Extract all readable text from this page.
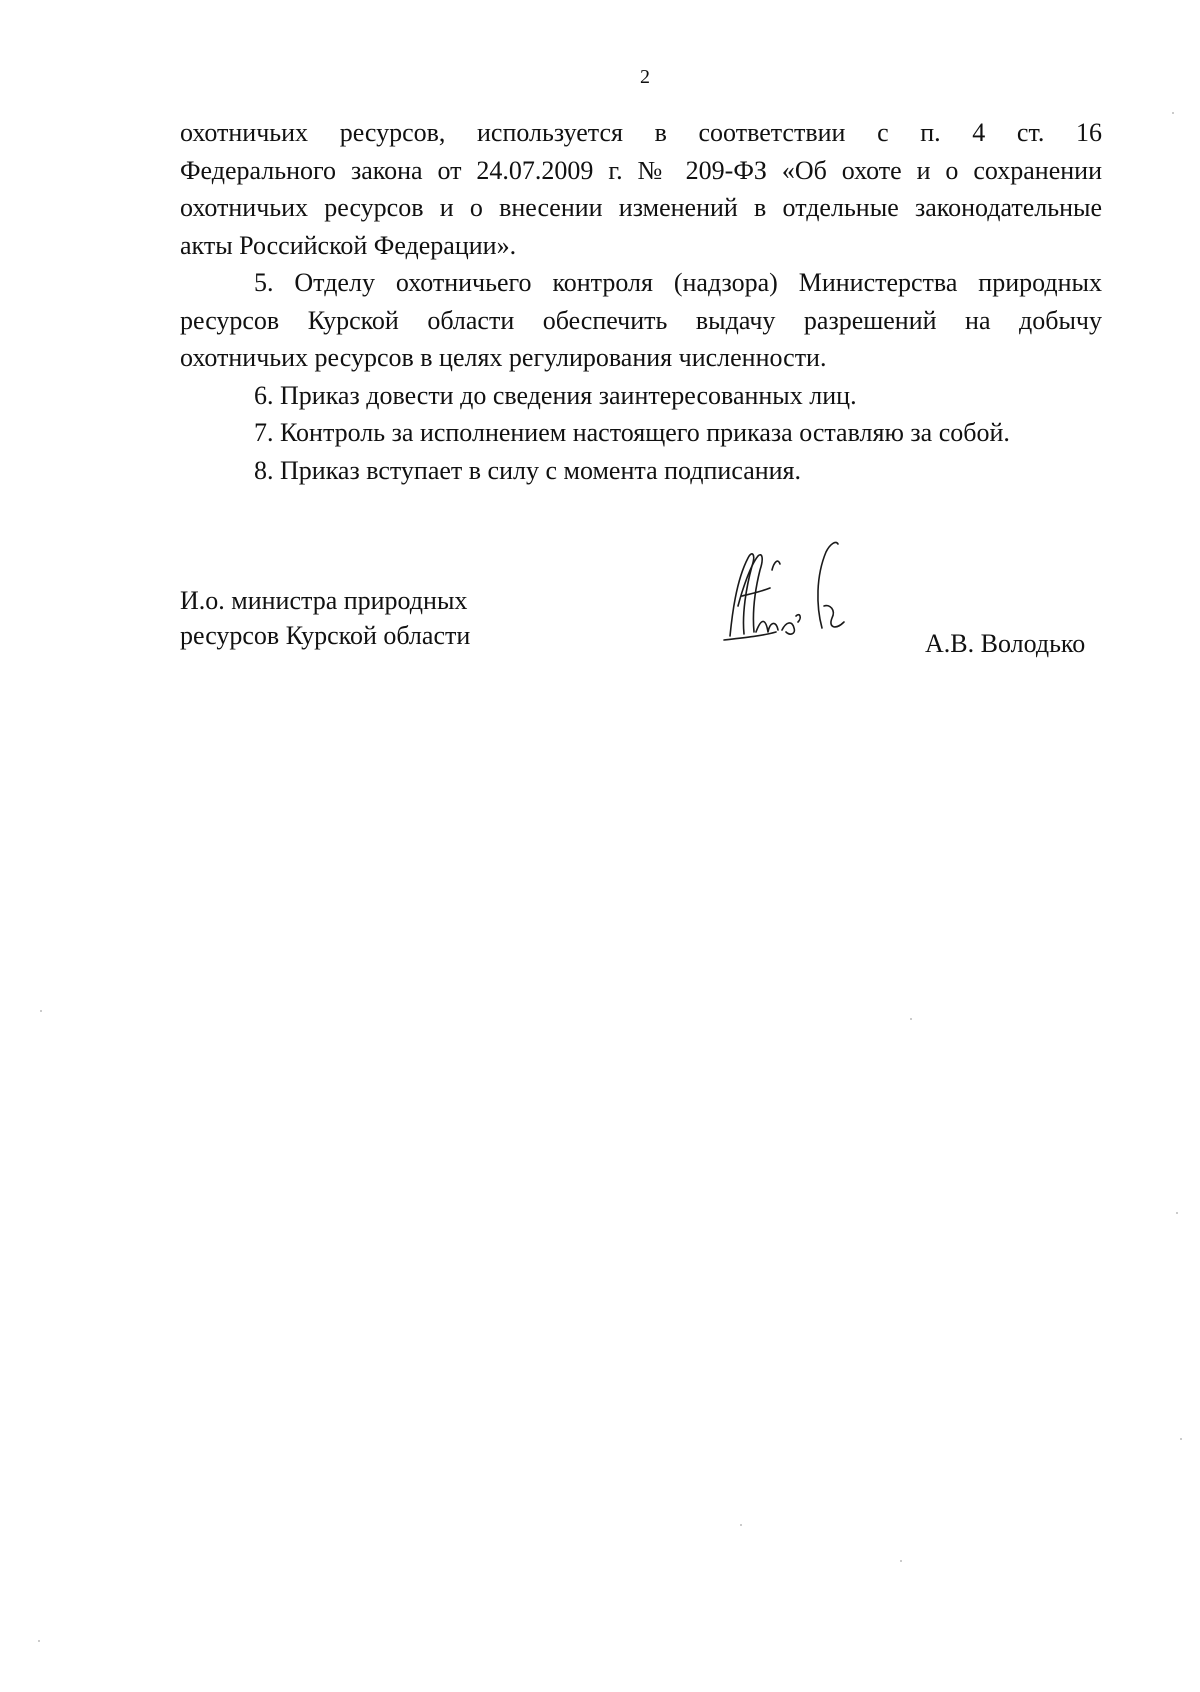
2
охотничьих ресурсов, используется в соответствии с п. 4 ст. 16
Федерального закона от 24.07.2009 г. № 209-ФЗ «Об охоте и о сохранении
охотничьих ресурсов и о внесении изменений в отдельные законодательные
акты Российской Федерации».
5. Отделу охотничьего контроля (надзора) Министерства природных
ресурсов Курской области обеспечить выдачу разрешений на добычу
охотничьих ресурсов в целях регулирования численности.
6. Приказ довести до сведения заинтересованных лиц.
7. Контроль за исполнением настоящего приказа оставляю за собой.
8. Приказ вступает в силу с момента подписания.
И.о. министра природных
ресурсов Курской области	А.В. Володько
